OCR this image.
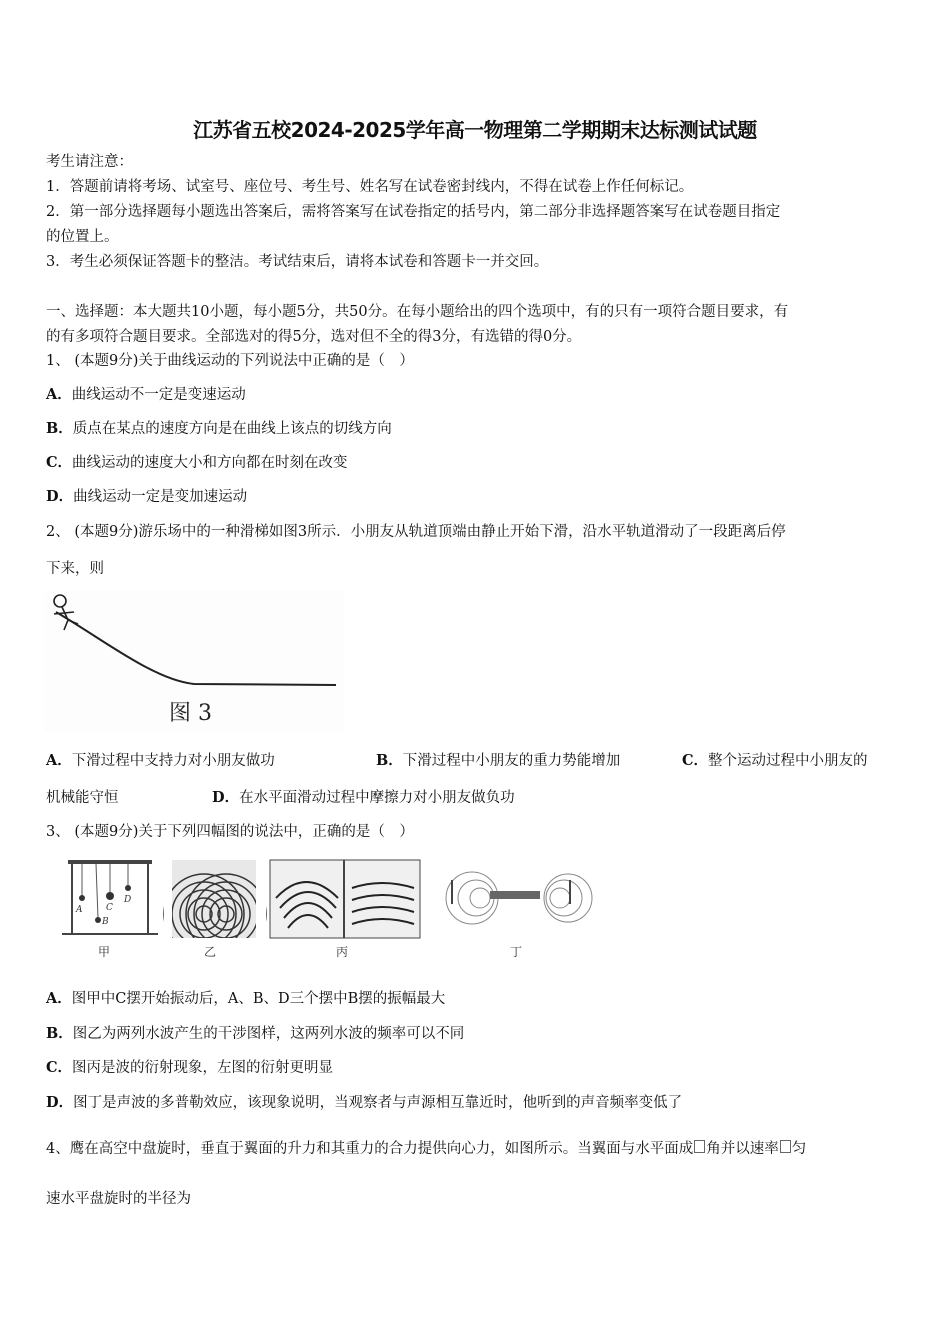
江苏省五校2024-2025学年高一物理第二学期期末达标测试试题
考生请注意：
1．答题前请将考场、试室号、座位号、考生号、姓名写在试卷密封线内，不得在试卷上作任何标记。
2．第一部分选择题每小题选出答案后，需将答案写在试卷指定的括号内，第二部分非选择题答案写在试卷题目指定
的位置上。
3．考生必须保证答题卡的整洁。考试结束后，请将本试卷和答题卡一并交回。
一、选择题：本大题共10小题，每小题5分，共50分。在每小题给出的四个选项中，有的只有一项符合题目要求，有
的有多项符合题目要求。全部选对的得5分，选对但不全的得3分，有选错的得0分。
1、 (本题9分)关于曲线运动的下列说法中正确的是（　）
A．曲线运动不一定是变速运动
B．质点在某点的速度方向是在曲线上该点的切线方向
C．曲线运动的速度大小和方向都在时刻在改变
D．曲线运动一定是变加速运动
2、 (本题9分)游乐场中的一种滑梯如图3所示．小朋友从轨道顶端由静止开始下滑，沿水平轨道滑动了一段距离后停
下来，则
图 3
A．下滑过程中支持力对小朋友做功	B．下滑过程中小朋友的重力势能增加	C．整个运动过程中小朋友的
机械能守恒	D．在水平面滑动过程中摩擦力对小朋友做负功
3、 (本题9分)关于下列四幅图的说法中，正确的是（　）
A
B
C
D
甲	乙	丙	丁
A．图甲中C摆开始振动后，A、B、D三个摆中B摆的振幅最大
B．图乙为两列水波产生的干涉图样，这两列水波的频率可以不同
C．图丙是波的衍射现象，左图的衍射更明显
D．图丁是声波的多普勒效应，该现象说明，当观察者与声源相互靠近时，他听到的声音频率变低了
4、鹰在高空中盘旋时，垂直于翼面的升力和其重力的合力提供向心力，如图所示。当翼面与水平面成 角并以速率 匀
速水平盘旋时的半径为
